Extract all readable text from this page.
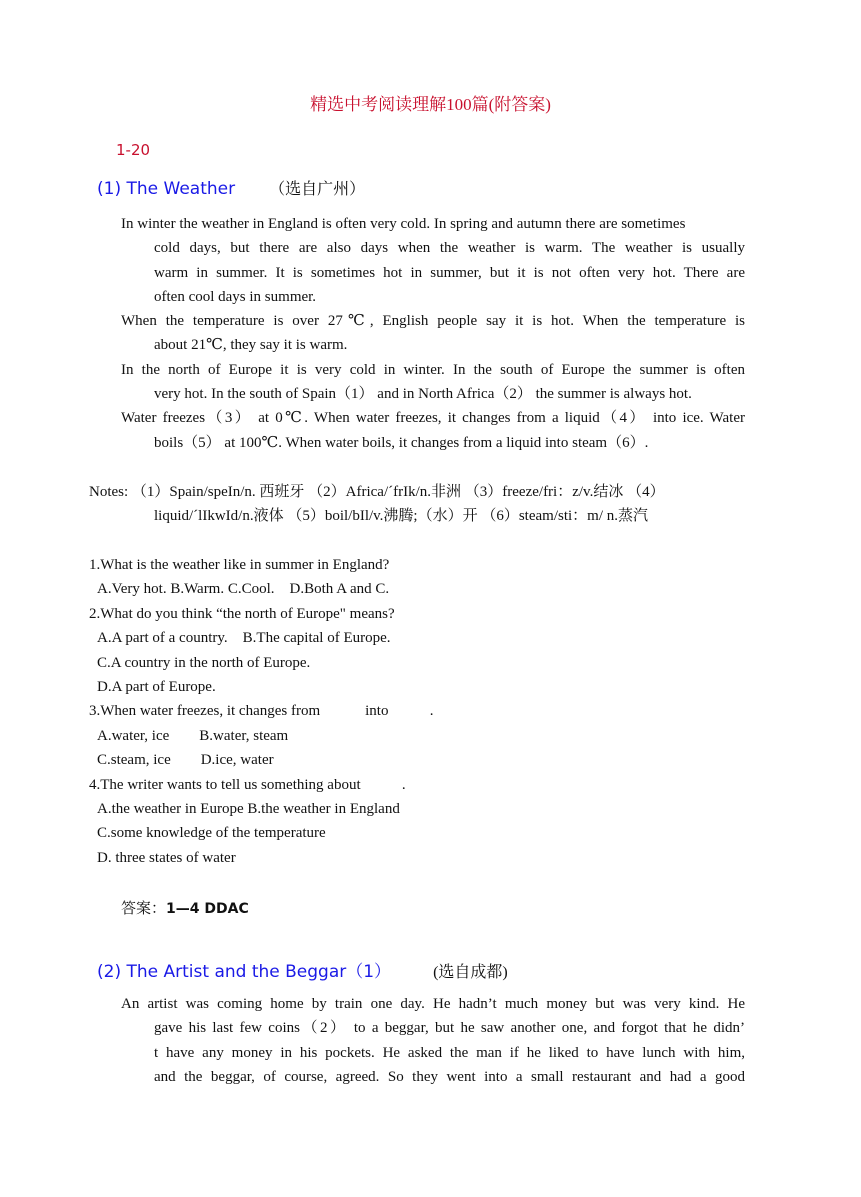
精选中考阅读理解100篇(附答案)
1-20
(1) The Weather （选自广州）
In winter the weather in England is often very cold. In spring and autumn there are sometimes
cold days, but there are also days when the weather is warm. The weather is usually
warm in summer. It is sometimes hot in summer, but it is not often very hot. There are
often cool days in summer.
When the temperature is over 27℃, English people say it is hot. When the temperature is
about 21℃, they say it is warm.
In the north of Europe it is very cold in winter. In the south of Europe the summer is often
very hot. In the south of Spain（1） and in North Africa（2） the summer is always hot.
Water freezes（3） at 0℃. When water freezes, it changes from a liquid（4） into ice. Water
boils（5） at 100℃. When water boils, it changes from a liquid into steam（6）.
Notes: （1）Spain/speIn/n. 西班牙 （2）Africa/ˊfrIk/n.非洲 （3）freeze/fri：z/v.结冰 （4）
liquid/ˊlIkwId/n.液体 （5）boil/bIl/v.沸腾;（水）开 （6）steam/sti：m/ n.蒸汽
1.What is the weather like in summer in England?
A.Very hot. B.Warm. C.Cool.    D.Both A and C.
2.What do you think “the north of Europe" means?
A.A part of a country.    B.The capital of Europe.
C.A country in the north of Europe.
D.A part of Europe.
3.When water freezes, it changes from            into           .
A.water, ice        B.water, steam
C.steam, ice        D.ice, water
4.The writer wants to tell us something about           .
A.the weather in Europe B.the weather in England
C.some knowledge of the temperature
D. three states of water
答案：1—4 DDAC
(2) The Artist and the Beggar（1）	(选自成都)
An artist was coming home by train one day. He hadn’t much money but was very kind. He
gave his last few coins（2） to a beggar, but he saw another one, and forgot that he didn’
t have any money in his pockets. He asked the man if he liked to have lunch with him,
and the beggar, of course, agreed. So they went into a small restaurant and had a good
